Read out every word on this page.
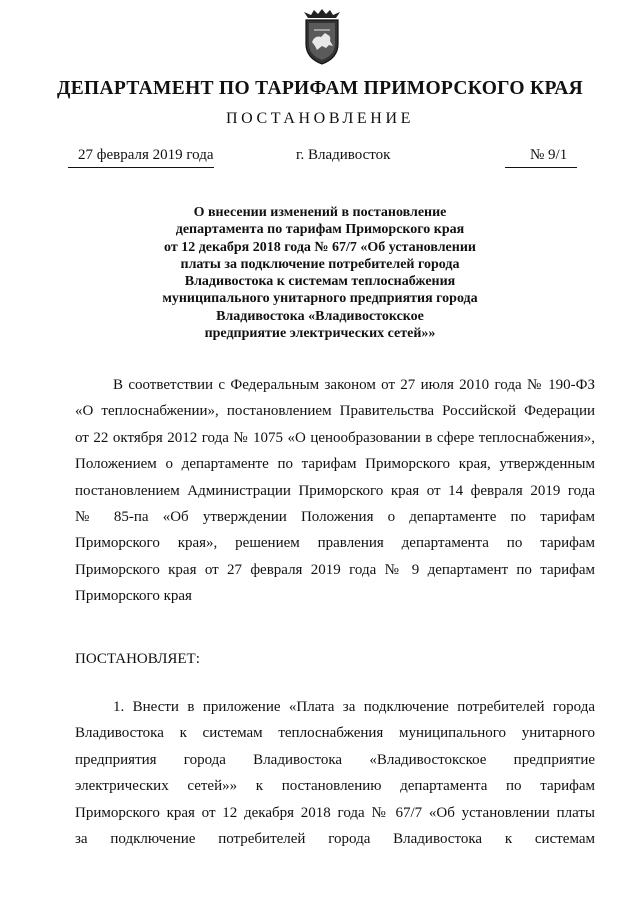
ДЕПАРТАМЕНТ ПО ТАРИФАМ ПРИМОРСКОГО КРАЯ
ПОСТАНОВЛЕНИЕ
27 февраля 2019 года	г. Владивосток	№ 9/1
О внесении изменений в постановление
департамента по тарифам Приморского края
от 12 декабря 2018 года № 67/7 «Об установлении
платы за подключение потребителей города
Владивостока к системам теплоснабжения
муниципального унитарного предприятия города
Владивостока «Владивостокское
предприятие электрических сетей»»
В соответствии с Федеральным законом от 27 июля 2010 года № 190-ФЗ
«О теплоснабжении», постановлением Правительства Российской Федерации
от 22 октября 2012 года № 1075 «О ценообразовании в сфере теплоснабжения»,
Положением о департаменте по тарифам Приморского края, утвержденным
постановлением Администрации Приморского края от 14 февраля 2019 года
№ 85-па «Об утверждении Положения о департаменте по тарифам
Приморского края», решением правления департамента по тарифам
Приморского края от 27 февраля 2019 года № 9 департамент по тарифам
Приморского края
ПОСТАНОВЛЯЕТ:
1. Внести в приложение «Плата за подключение потребителей города
Владивостока к системам теплоснабжения муниципального унитарного
предприятия города Владивостока «Владивостокское предприятие
электрических сетей»» к постановлению департамента по тарифам
Приморского края от 12 декабря 2018 года № 67/7 «Об установлении платы
за подключение потребителей города Владивостока к системам
